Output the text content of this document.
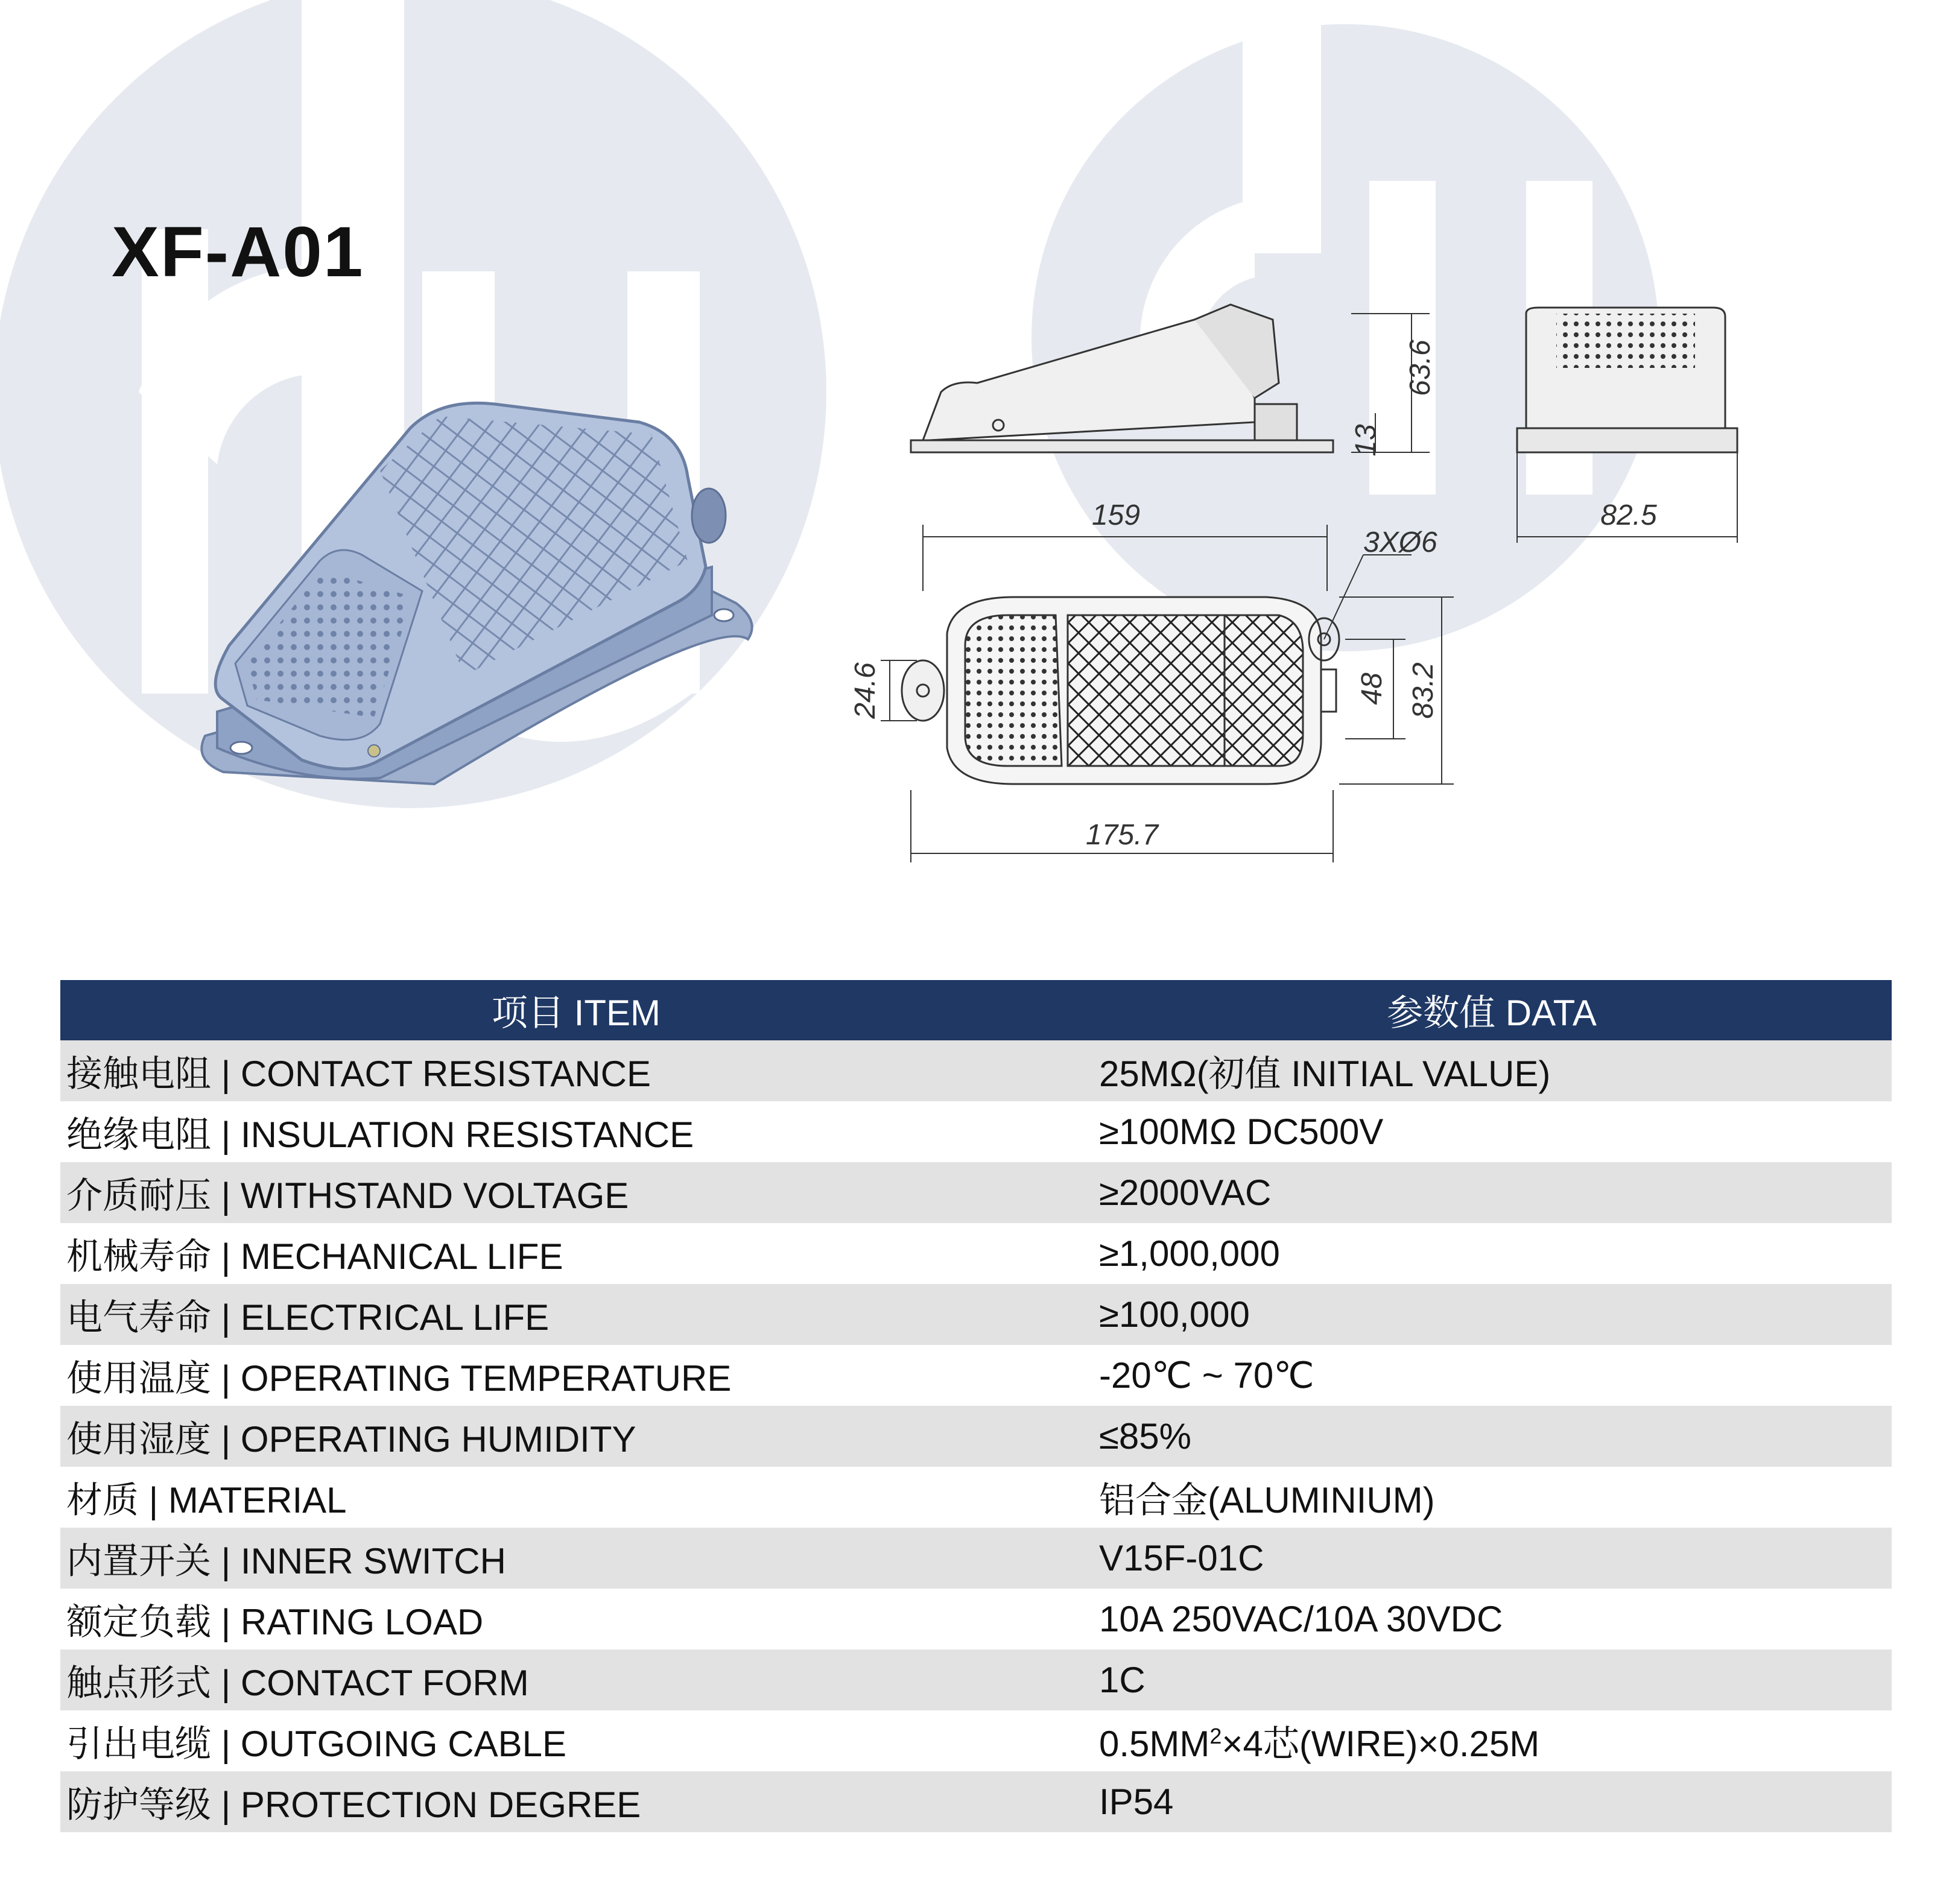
XF-A01
63.6
13
82.5
159
3XØ6
24.6	48 83.2
175.7
项目 ITEM	参数值 DATA
接触电阻 | CONTACT RESISTANCE	25MΩ(初值 INITIAL VALUE)
绝缘电阻 | INSULATION RESISTANCE	≥100MΩ DC500V
介质耐压 | WITHSTAND VOLTAGE	≥2000VAC
机械寿命 | MECHANICAL LIFE	≥1,000,000
电气寿命 | ELECTRICAL LIFE	≥100,000
使用温度 | OPERATING TEMPERATURE	-20℃ ~ 70℃
使用湿度 | OPERATING HUMIDITY	≤85%
材质 | MATERIAL	铝合金(ALUMINIUM)
内置开关 | INNER SWITCH	V15F-01C
额定负载 | RATING LOAD	10A 250VAC/10A 30VDC
触点形式 | CONTACT FORM	1C
引出电缆 | OUTGOING CABLE	$0.5MM^2\times 4$芯(WIRE)×0.25M
防护等级 | PROTECTION DEGREE	IP54
